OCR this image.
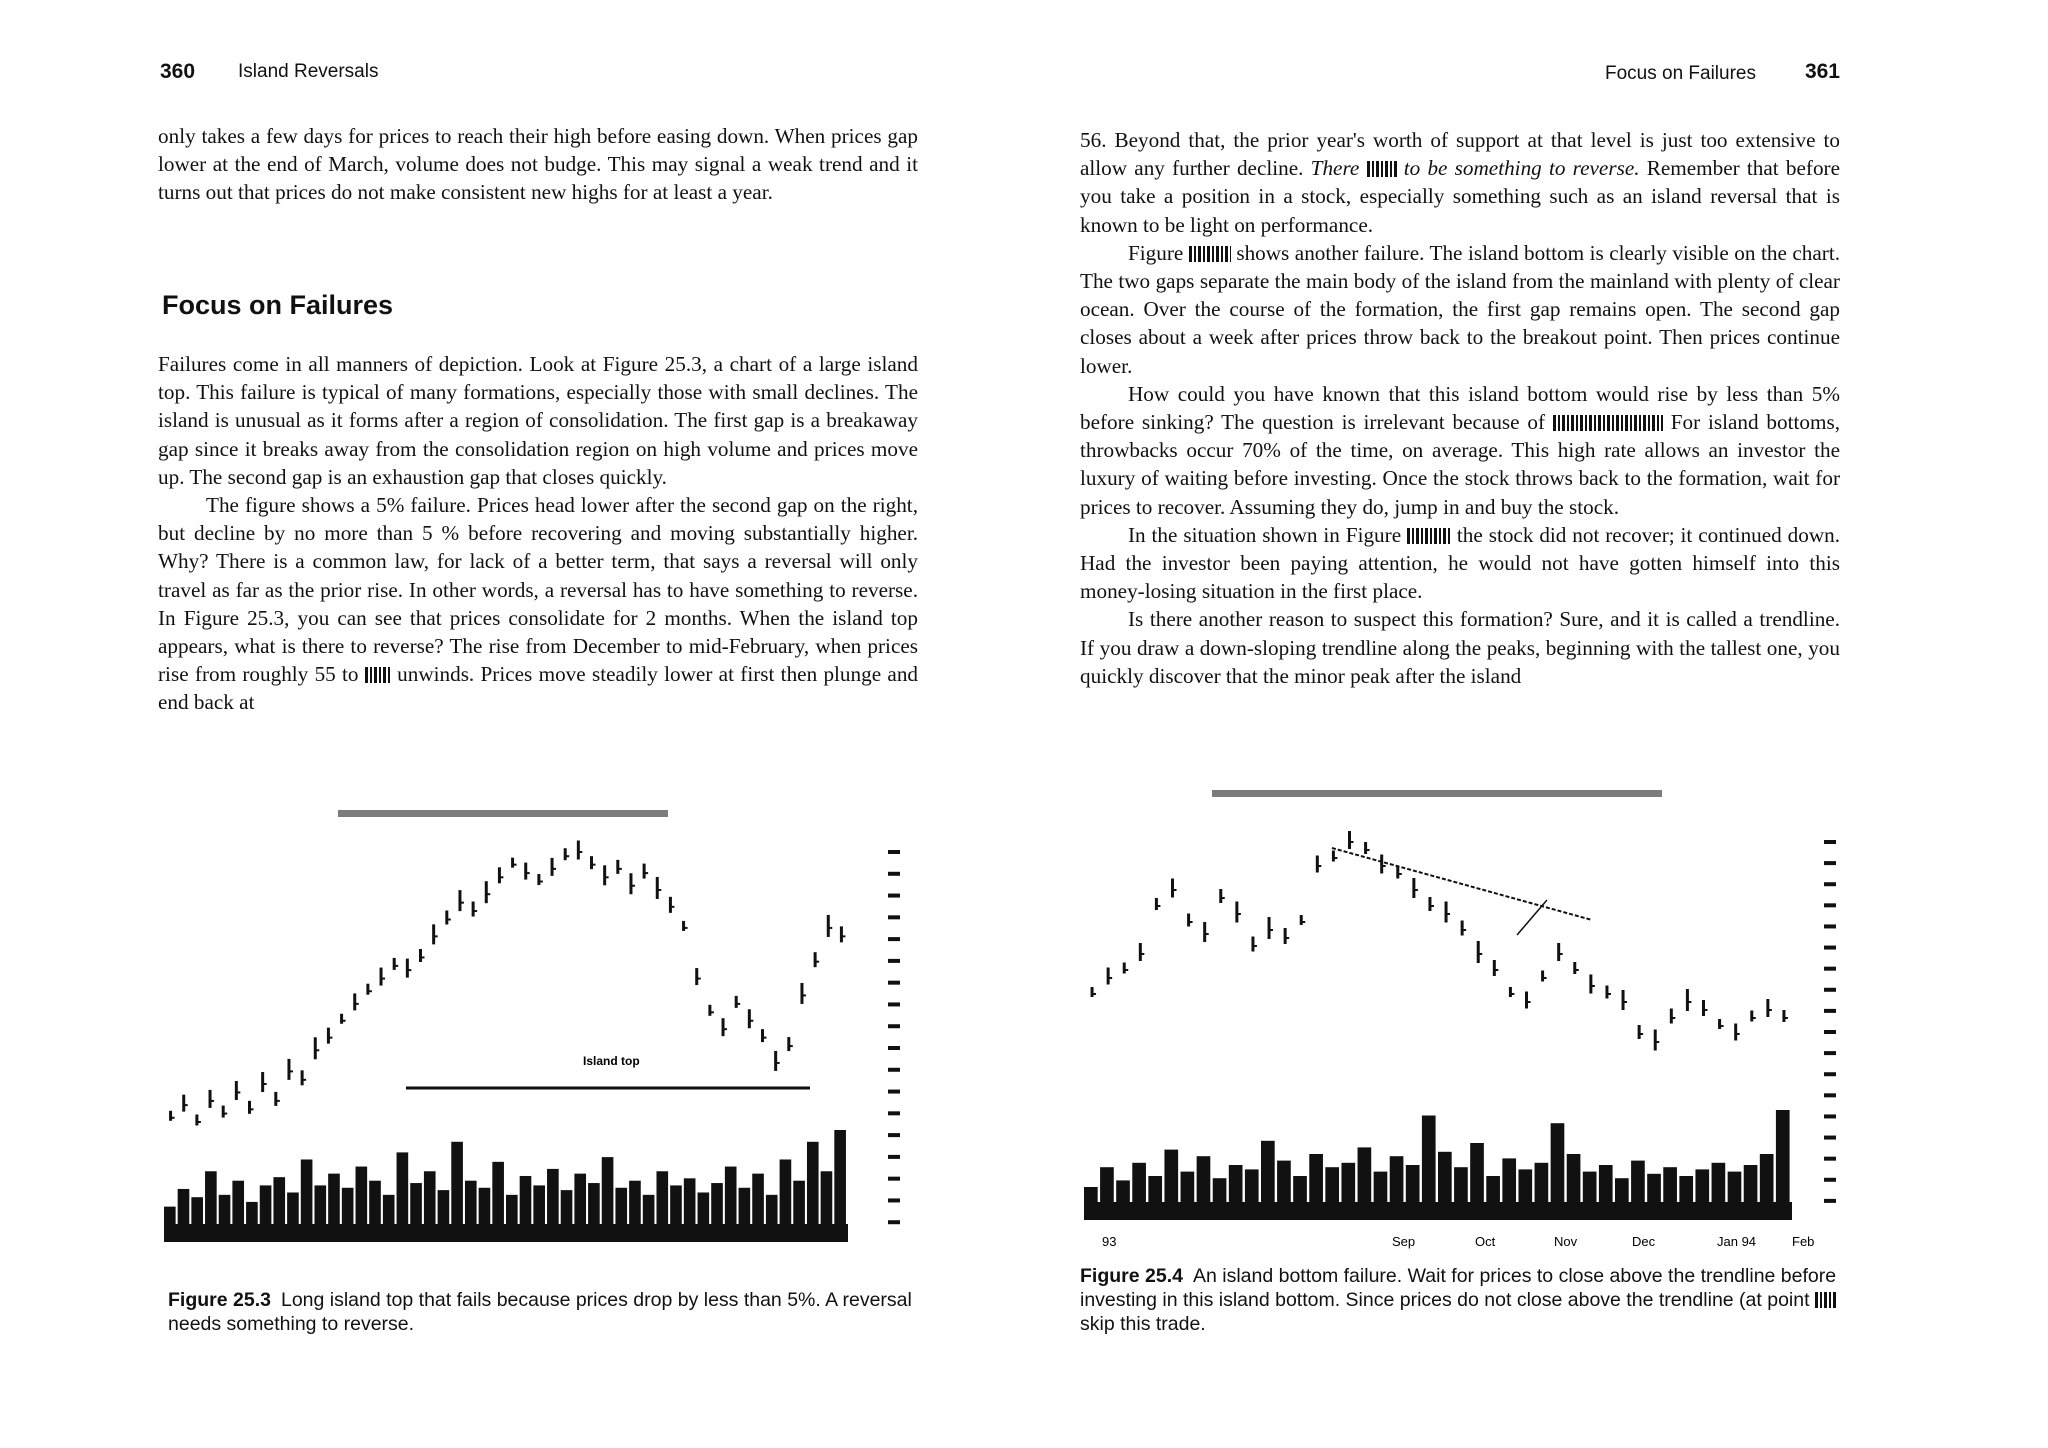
360 Island Reversals

only takes a few days for prices to reach their high before easing down. When prices gap lower at the end of March, volume does not budge. This may signal a weak trend and it turns out that prices do not make consistent new highs for at least a year.

Focus on Failures

Failures come in all manners of depiction. Look at Figure 25.3, a chart of a large island top. This failure is typical of many formations, especially those with small declines. The island is unusual as it forms after a region of consolidation. The first gap is a breakaway gap since it breaks away from the consolidation region on high volume and prices move up. The second gap is an exhaustion gap that closes quickly.

The figure shows a 5% failure. Prices head lower after the second gap on the right, but decline by no more than 5 % before recovering and moving substantially higher. Why? There is a common law, for lack of a better term, that says a reversal will only travel as far as the prior rise. In other words, a reversal has to have something to reverse. In Figure 25.3, you can see that prices consolidate for 2 months. When the island top appears, what is there to reverse? The rise from December to mid-February, when prices rise from roughly 55 to unwinds. Prices move steadily lower at first then plunge and end back at

Island top
Figure 25.3 Long island top that fails because prices drop by less than 5%. A reversal needs something to reverse.
Focus on Failures 361

56. Beyond that, the prior year's worth of support at that level is just too extensive to allow any further decline. There to be something to reverse. Remember that before you take a position in a stock, especially something such as an island reversal that is known to be light on performance.

Figure	shows another failure. The island bottom is clearly visible on the chart. The two gaps separate the main body of the island from the mainland with plenty of clear ocean. Over the course of the formation, the first gap remains open. The second gap closes about a week after prices throw back to the breakout point. Then prices continue lower.

How could you have known that this island bottom would rise by less than 5% before sinking? The question is irrelevant because of	For island bottoms, throwbacks occur 70% of the time, on average. This high rate allows an investor the luxury of waiting before investing. Once the stock throws back to the formation, wait for prices to recover. Assuming they do, jump in and buy the stock.

In the situation shown in Figure	the stock did not recover; it continued down. Had the investor been paying attention, he would not have gotten himself into this money-losing situation in the first place.

Is there another reason to suspect this formation? Sure, and it is called a trendline. If you draw a down-sloping trendline along the peaks, beginning with the tallest one, you quickly discover that the minor peak after the island

93	Sep	Oct	Nov	Dec	Jan 94	Feb
Figure 25.4 An island bottom failure. Wait for prices to close above the trendline before investing in this island bottom. Since prices do not close above the trendline (at point  skip this trade.
